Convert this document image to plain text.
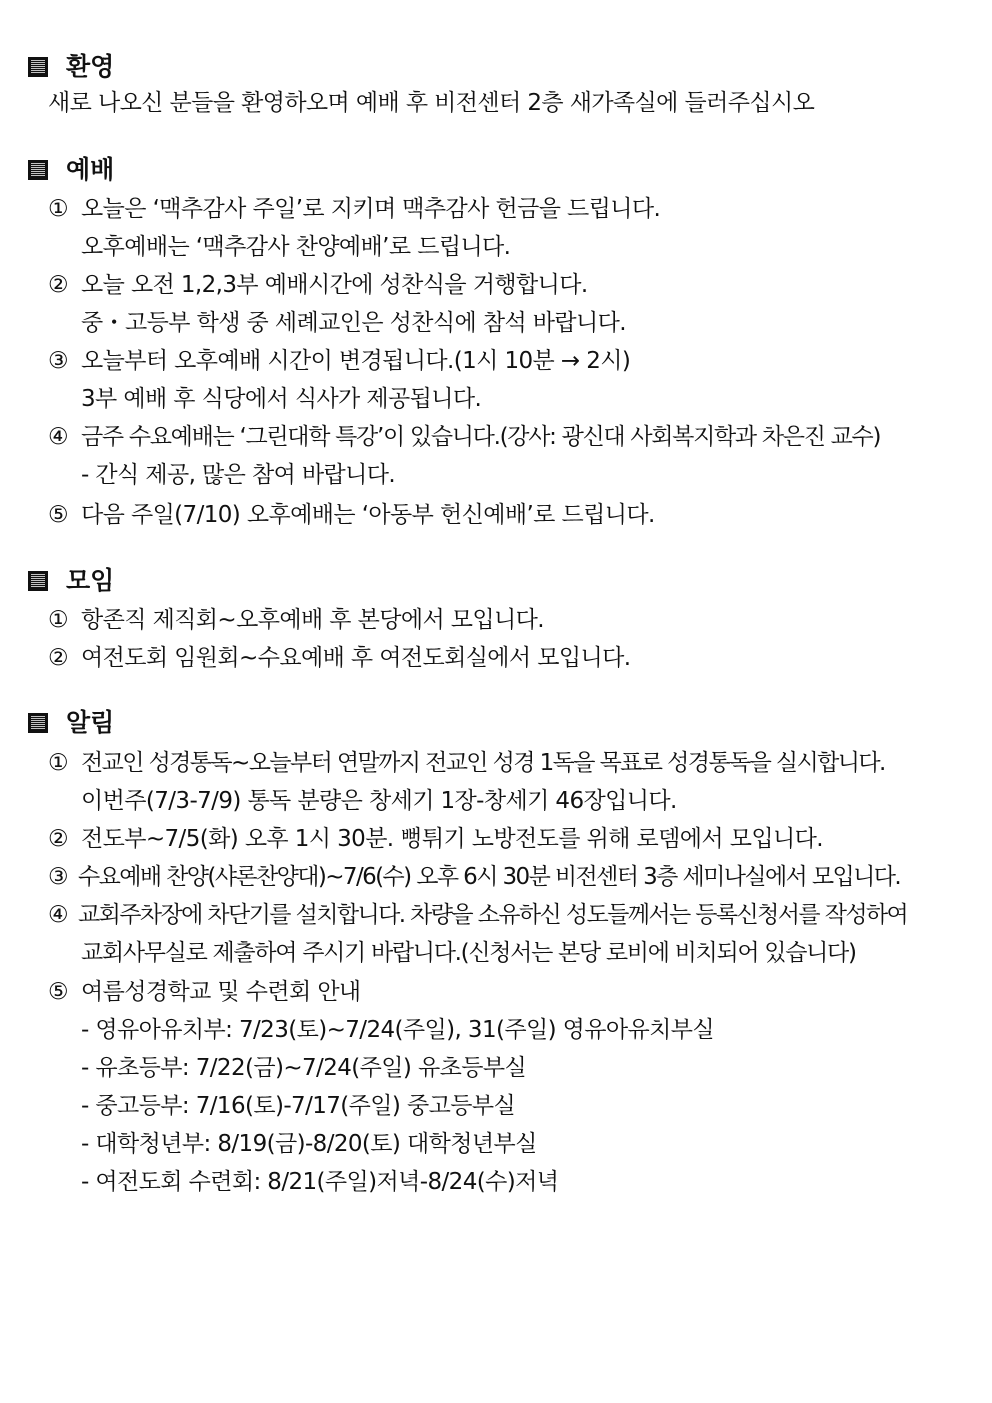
환영
새로 나오신 분들을 환영하오며 예배 후 비전센터 2층 새가족실에 들러주십시오
예배
① 오늘은 ‘맥추감사 주일’로 지키며 맥추감사 헌금을 드립니다.
오후예배는 ‘맥추감사 찬양예배’로 드립니다.
② 오늘 오전 1,2,3부 예배시간에 성찬식을 거행합니다.
중・고등부 학생 중 세례교인은 성찬식에 참석 바랍니다.
③ 오늘부터 오후예배 시간이 변경됩니다.(1시 10분 → 2시)
3부 예배 후 식당에서 식사가 제공됩니다.
④ 금주 수요예배는 ‘그린대학 특강’이 있습니다.(강사: 광신대 사회복지학과 차은진 교수)
- 간식 제공, 많은 참여 바랍니다.
⑤ 다음 주일(7/10) 오후예배는 ‘아동부 헌신예배’로 드립니다.
모임
① 항존직 제직회~오후예배 후 본당에서 모입니다.
② 여전도회 임원회~수요예배 후 여전도회실에서 모입니다.
알림
① 전교인 성경통독~오늘부터 연말까지 전교인 성경 1독을 목표로 성경통독을 실시합니다.
이번주(7/3-7/9) 통독 분량은 창세기 1장-창세기 46장입니다.
② 전도부~7/5(화) 오후 1시 30분. 뻥튀기 노방전도를 위해 로뎀에서 모입니다.
③ 수요예배 찬양(샤론찬양대)~7/6(수) 오후 6시 30분 비전센터 3층 세미나실에서 모입니다.
④ 교회주차장에 차단기를 설치합니다. 차량을 소유하신 성도들께서는 등록신청서를 작성하여
교회사무실로 제출하여 주시기 바랍니다.(신청서는 본당 로비에 비치되어 있습니다)
⑤ 여름성경학교 및 수련회 안내
- 영유아유치부: 7/23(토)~7/24(주일), 31(주일) 영유아유치부실
- 유초등부: 7/22(금)~7/24(주일) 유초등부실
- 중고등부: 7/16(토)-7/17(주일) 중고등부실
- 대학청년부: 8/19(금)-8/20(토) 대학청년부실
- 여전도회 수련회: 8/21(주일)저녁-8/24(수)저녁
